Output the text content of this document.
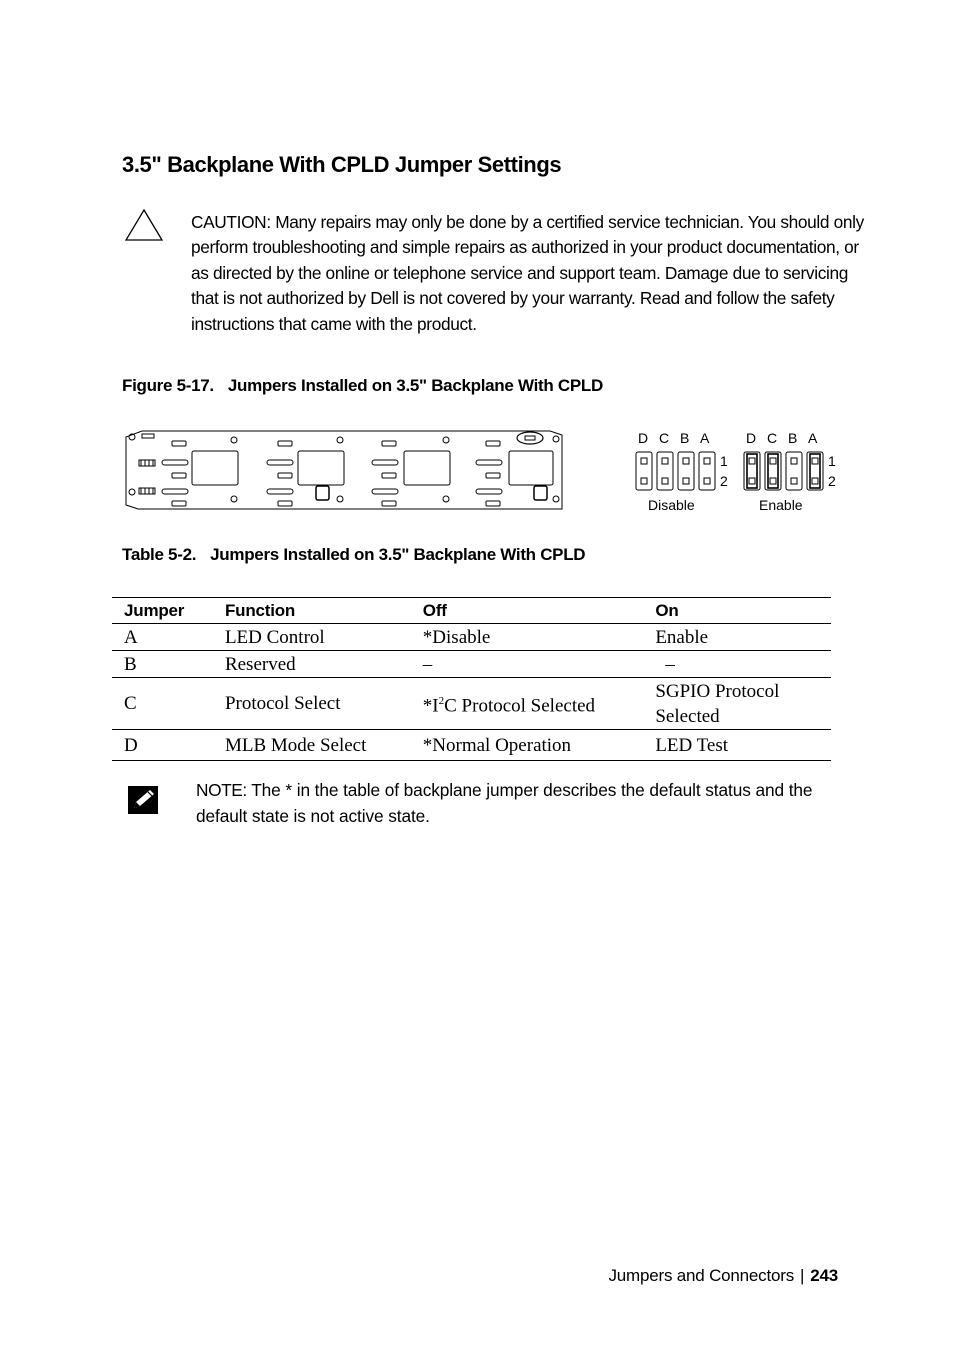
3.5" Backplane With CPLD Jumper Settings
CAUTION: Many repairs may only be done by a certified service technician. You should only perform troubleshooting and simple repairs as authorized in your product documentation, or as directed by the online or telephone service and support team. Damage due to servicing that is not authorized by Dell is not covered by your warranty. Read and follow the safety instructions that came with the product.
Figure 5-17. Jumpers Installed on 3.5" Backplane With CPLD
D C B A
1
2
Disable
D C B A
1
2
Enable
Table 5-2. Jumpers Installed on 3.5" Backplane With CPLD
Jumper	Function	Off	On
A	LED Control	*Disable	Enable
B	Reserved	–	–
C	Protocol Select	$*I^2C$ Protocol Selected	SGPIO Protocol Selected
D	MLB Mode Select	*Normal Operation	LED Test
NOTE: The * in the table of backplane jumper describes the default status and the default state is not active state.
Jumpers and Connectors | 243
